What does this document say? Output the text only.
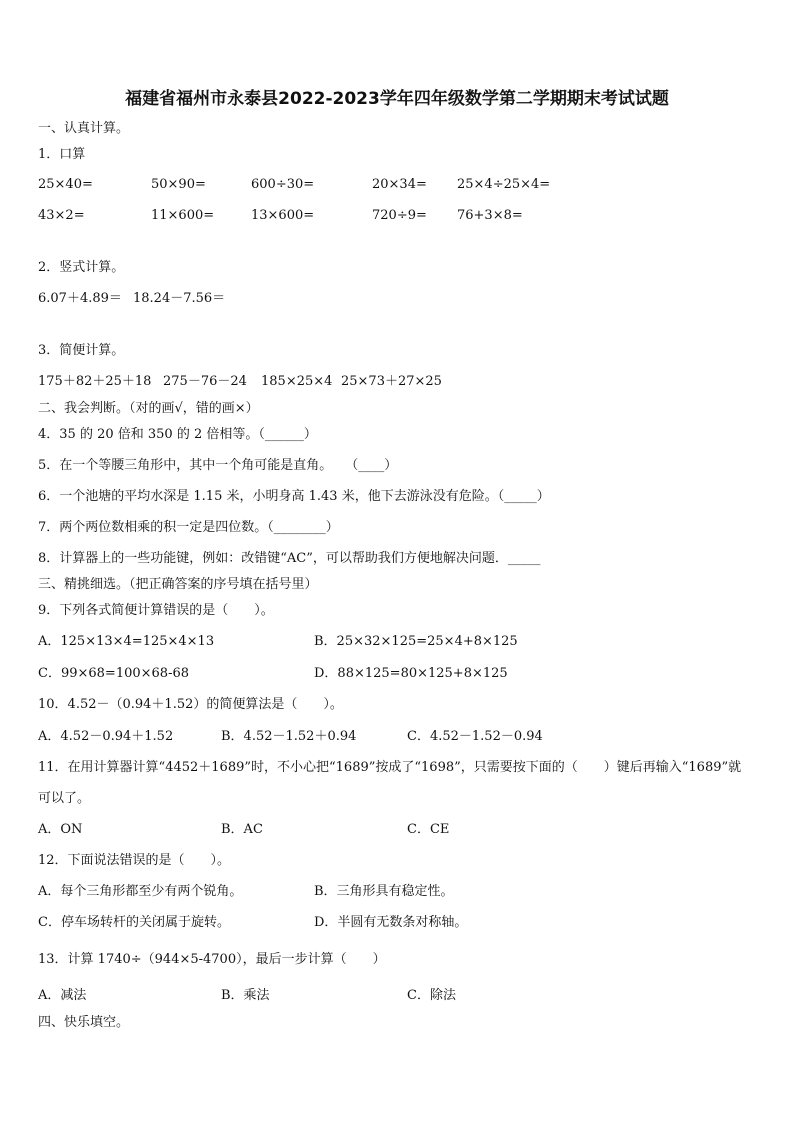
福建省福州市永泰县2022-2023学年四年级数学第二学期期末考试试题
一、认真计算。
1．口算
25×40=	50×90=	600÷30=	20×34= 25×4÷25×4=
43×2=	11×600=	13×600=	720÷9= 76+3×8=
2．竖式计算。
6.07＋4.89＝ 18.24－7.56＝
3．简便计算。
175＋82＋25＋18 275－76－24 185×25×4 25×73＋27×25
二、我会判断。（对的画√，错的画×）
4．35 的 20 倍和 350 的 2 倍相等。（______）
5．在一个等腰三角形中，其中一个角可能是直角。　　（____）
6．一个池塘的平均水深是 1.15 米，小明身高 1.43 米，他下去游泳没有危险。（_____）
7．两个两位数相乘的积一定是四位数。（________）
8．计算器上的一些功能键，例如：改错键“AC”，可以帮助我们方便地解决问题．_____
三、精挑细选。（把正确答案的序号填在括号里）
9．下列各式简便计算错误的是（　　）。
A．125×13×4=125×4×13	B．25×32×125=25×4+8×125
C．99×68=100×68-68	D．88×125=80×125+8×125
10．4.52－（0.94＋1.52）的简便算法是（　　）。
A．4.52－0.94＋1.52	B．4.52－1.52＋0.94	C．4.52－1.52－0.94
11．在用计算器计算“4452＋1689”时，不小心把“1689”按成了“1698”，只需要按下面的（　　）键后再输入“1689”就
可以了。
A．ON	B．AC	C．CE
12．下面说法错误的是（　　）。
A．每个三角形都至少有两个锐角。	B．三角形具有稳定性。
C．停车场转杆的关闭属于旋转。	D．半圆有无数条对称轴。
13．计算 1740÷（944×5-4700），最后一步计算（　　）
A．减法	B．乘法	C．除法
四、快乐填空。
